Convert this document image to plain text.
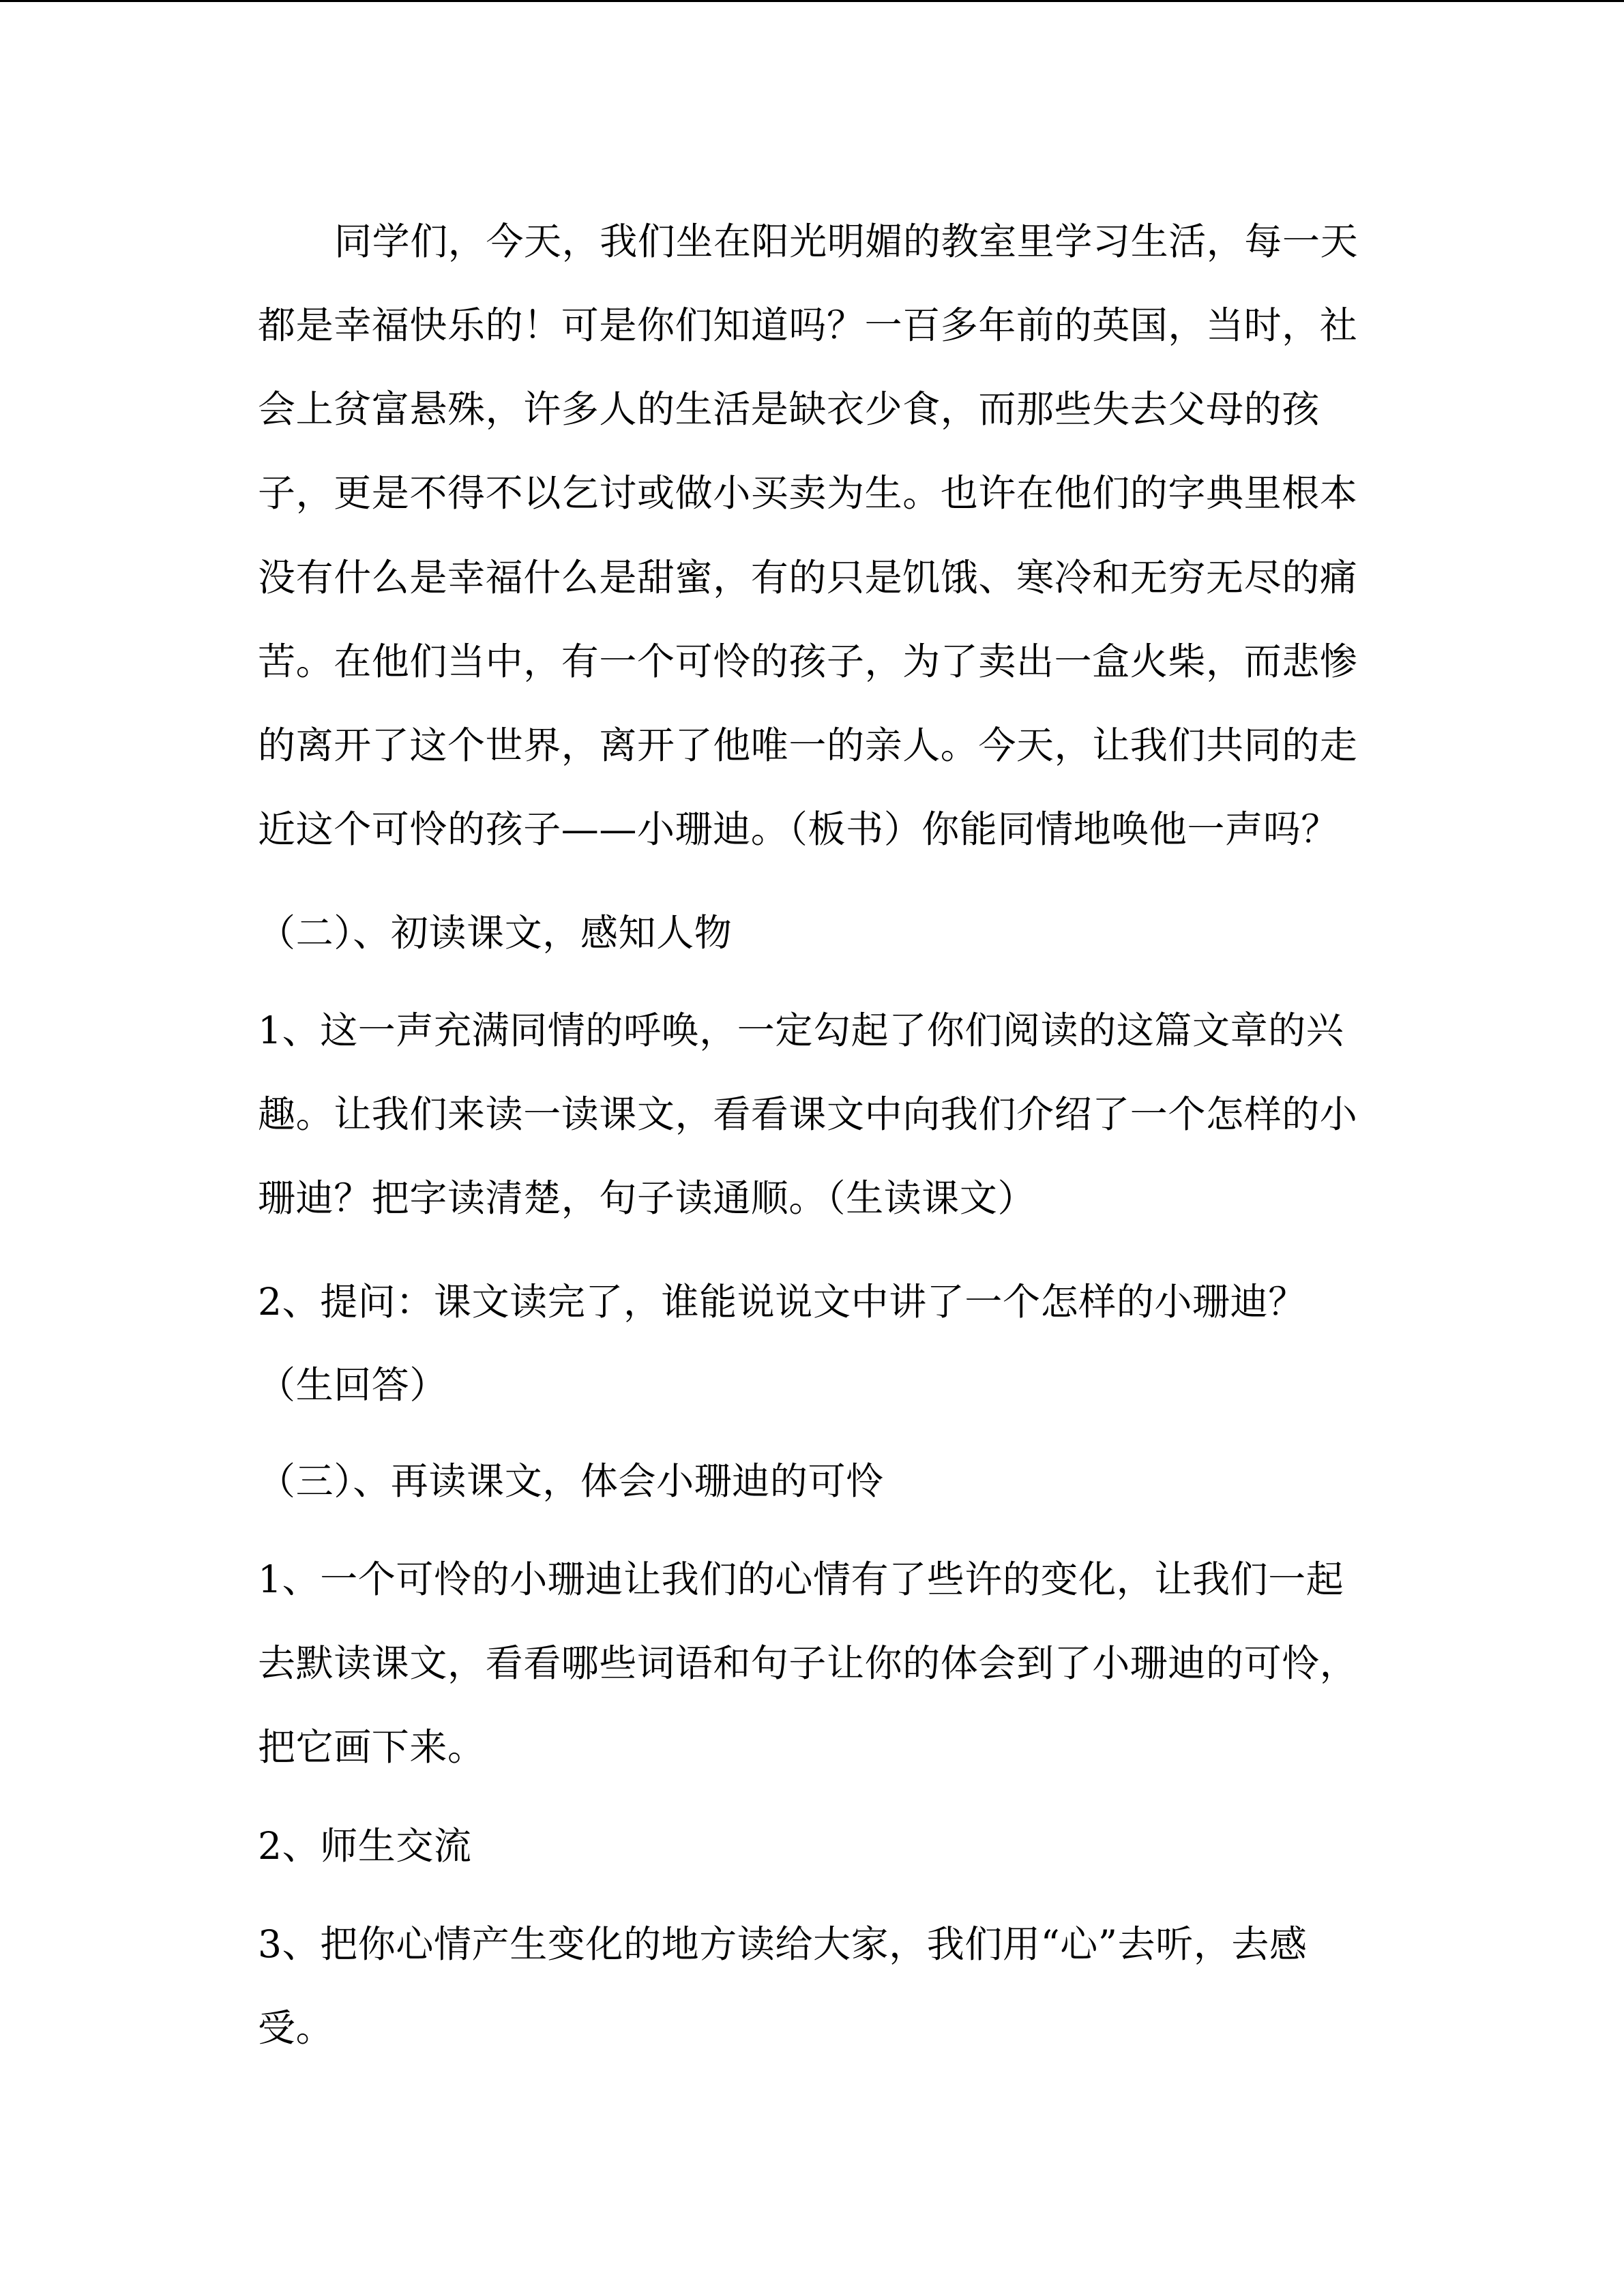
同学们，今天，我们坐在阳光明媚的教室里学习生活，每一天

都是幸福快乐的！可是你们知道吗？一百多年前的英国，当时，社

会上贫富悬殊，许多人的生活是缺衣少食，而那些失去父母的孩

子，更是不得不以乞讨或做小买卖为生。也许在他们的字典里根本

没有什么是幸福什么是甜蜜，有的只是饥饿、寒冷和无穷无尽的痛

苦。在他们当中，有一个可怜的孩子，为了卖出一盒火柴，而悲惨

的离开了这个世界，离开了他唯一的亲人。今天，让我们共同的走

近这个可怜的孩子——小珊迪。（板书）你能同情地唤他一声吗？

（二）、初读课文，感知人物

1、这一声充满同情的呼唤，一定勾起了你们阅读的这篇文章的兴

趣。让我们来读一读课文，看看课文中向我们介绍了一个怎样的小

珊迪？把字读清楚，句子读通顺。（生读课文）

2、提问：课文读完了，谁能说说文中讲了一个怎样的小珊迪？

（生回答）

（三）、再读课文，体会小珊迪的可怜

1、一个可怜的小珊迪让我们的心情有了些许的变化，让我们一起

去默读课文，看看哪些词语和句子让你的体会到了小珊迪的可怜，

把它画下来。

2、师生交流

3、把你心情产生变化的地方读给大家，我们用“心”去听，去感

受。
